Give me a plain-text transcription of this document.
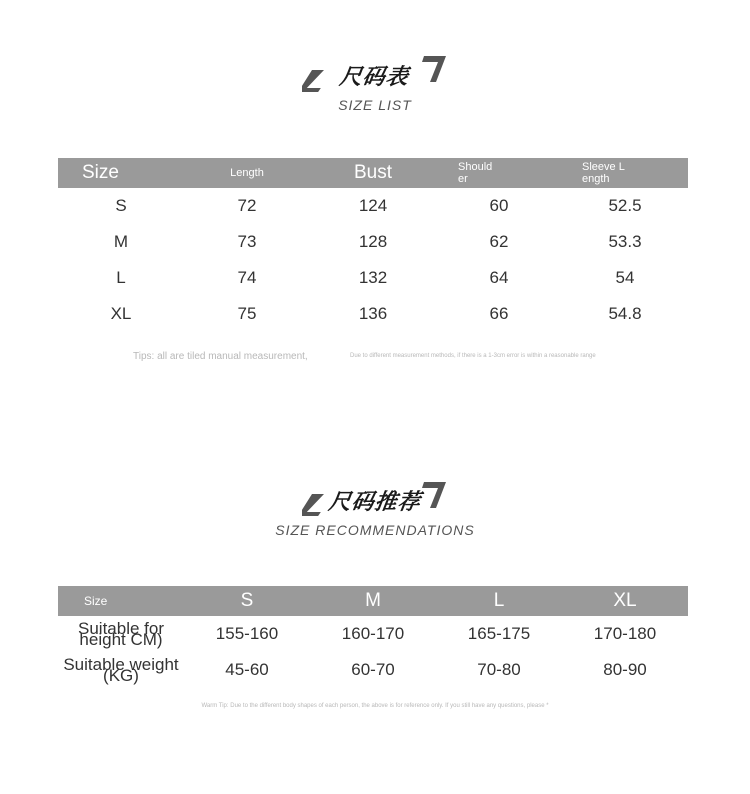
尺码表
SIZE LIST
Size	Length	Bust	Should er	Sleeve L ength
S	72	124	60	52.5
M	73	128	62	53.3
L	74	132	64	54
XL	75	136	66	54.8
Tips: all are tiled manual measurement,	Due to different measurement methods, if there is a 1-3cm error is within a reasonable range
尺码推荐
SIZE RECOMMENDATIONS
Size	S	M	L	XL
Suitable for height CM)	155-160	160-170	165-175	170-180
Suitable weight (KG)	45-60	60-70	70-80	80-90
Warm Tip: Due to the different body shapes of each person, the above is for reference only. If you still have any questions, please *
